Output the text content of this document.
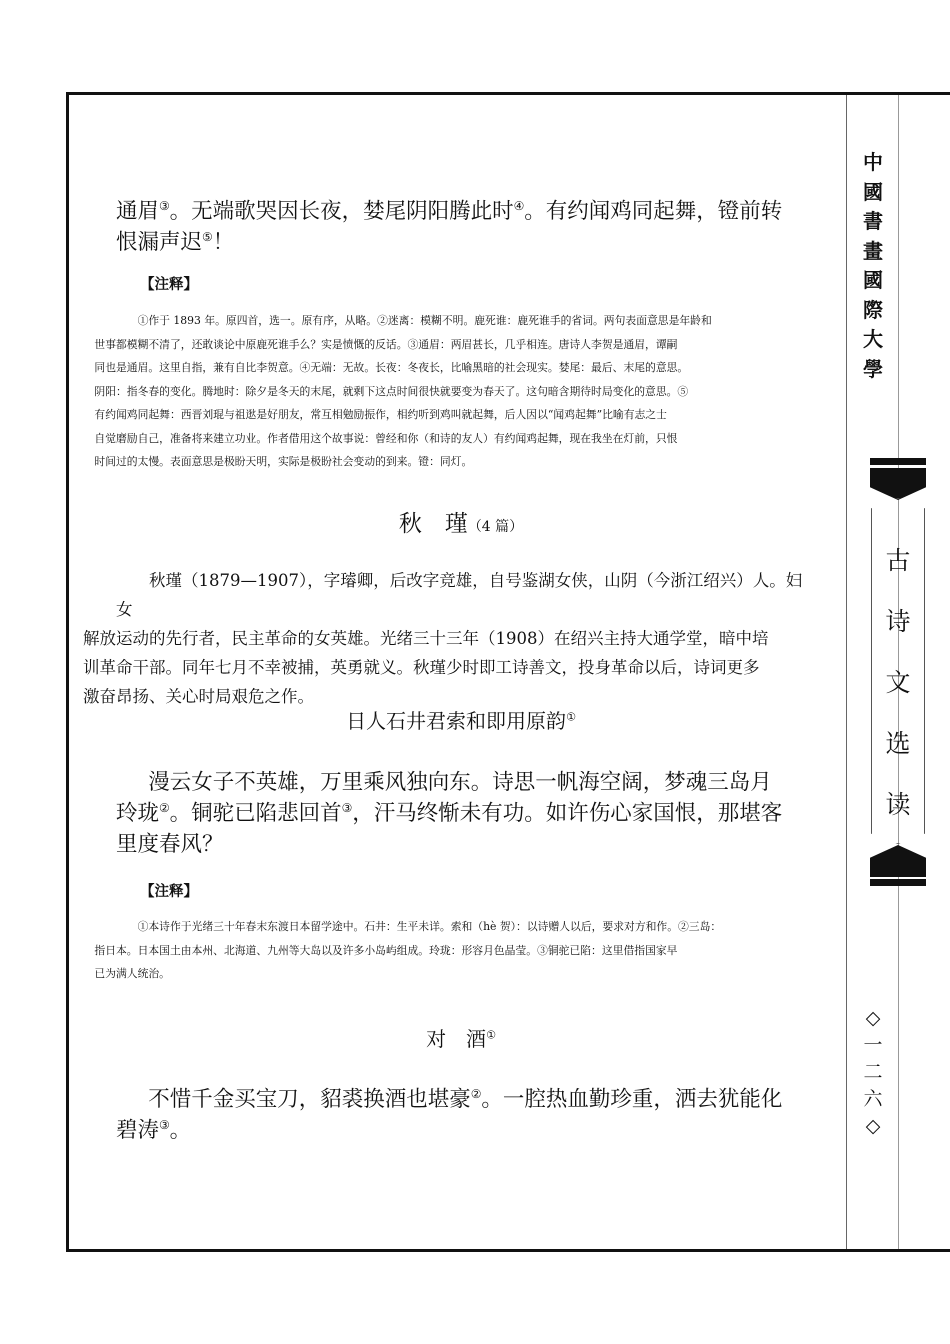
中
國
書
畫
國
際
大
學
古
诗
文
选
读
◇
一
二
六
◇
通眉③。无端歌哭因长夜，婪尾阴阳腾此时④。有约闻鸡同起舞，镫前转
恨漏声迟⑤！

【注释】

①作于 1893 年。原四首，选一。原有序，从略。②迷离：模糊不明。鹿死谁：鹿死谁手的省词。两句表面意思是年龄和
世事都模糊不清了，还敢谈论中原鹿死谁手么？实是愤慨的反话。③通眉：两眉甚长，几乎相连。唐诗人李贺是通眉，谭嗣
同也是通眉。这里自指，兼有自比李贺意。④无端：无故。长夜：冬夜长，比喻黑暗的社会现实。婪尾：最后、末尾的意思。
阴阳：指冬春的变化。腾地时：除夕是冬天的末尾，就剩下这点时间很快就要变为春天了。这句暗含期待时局变化的意思。⑤
有约闻鸡同起舞：西晋刘琨与祖逖是好朋友，常互相勉励振作，相约听到鸡叫就起舞，后人因以“闻鸡起舞”比喻有志之士
自觉磨励自己，准备将来建立功业。作者借用这个故事说：曾经和你（和诗的友人）有约闻鸡起舞，现在我坐在灯前，只恨
时间过的太慢。表面意思是极盼天明，实际是极盼社会变动的到来。镫：同灯。
秋　瑾（4 篇）
秋瑾（1879—1907），字璿卿，后改字竞雄，自号鉴湖女侠，山阴（今浙江绍兴）人。妇女
解放运动的先行者，民主革命的女英雄。光绪三十三年（1908）在绍兴主持大通学堂，暗中培
训革命干部。同年七月不幸被捕，英勇就义。秋瑾少时即工诗善文，投身革命以后，诗词更多
激奋昂扬、关心时局艰危之作。
日人石井君索和即用原韵①
漫云女子不英雄，万里乘风独向东。诗思一帆海空阔，梦魂三岛月
玲珑②。铜驼已陷悲回首③，汗马终惭未有功。如许伤心家国恨，那堪客
里度春风？

【注释】

①本诗作于光绪三十年春末东渡日本留学途中。石井：生平未详。索和（hè 贺）：以诗赠人以后，要求对方和作。②三岛：
指日本。日本国土由本州、北海道、九州等大岛以及许多小岛屿组成。玲珑：形容月色晶莹。③铜驼已陷：这里借指国家早
已为满人统治。
对　酒①
不惜千金买宝刀，貂裘换酒也堪豪②。一腔热血勤珍重，洒去犹能化
碧涛③。
